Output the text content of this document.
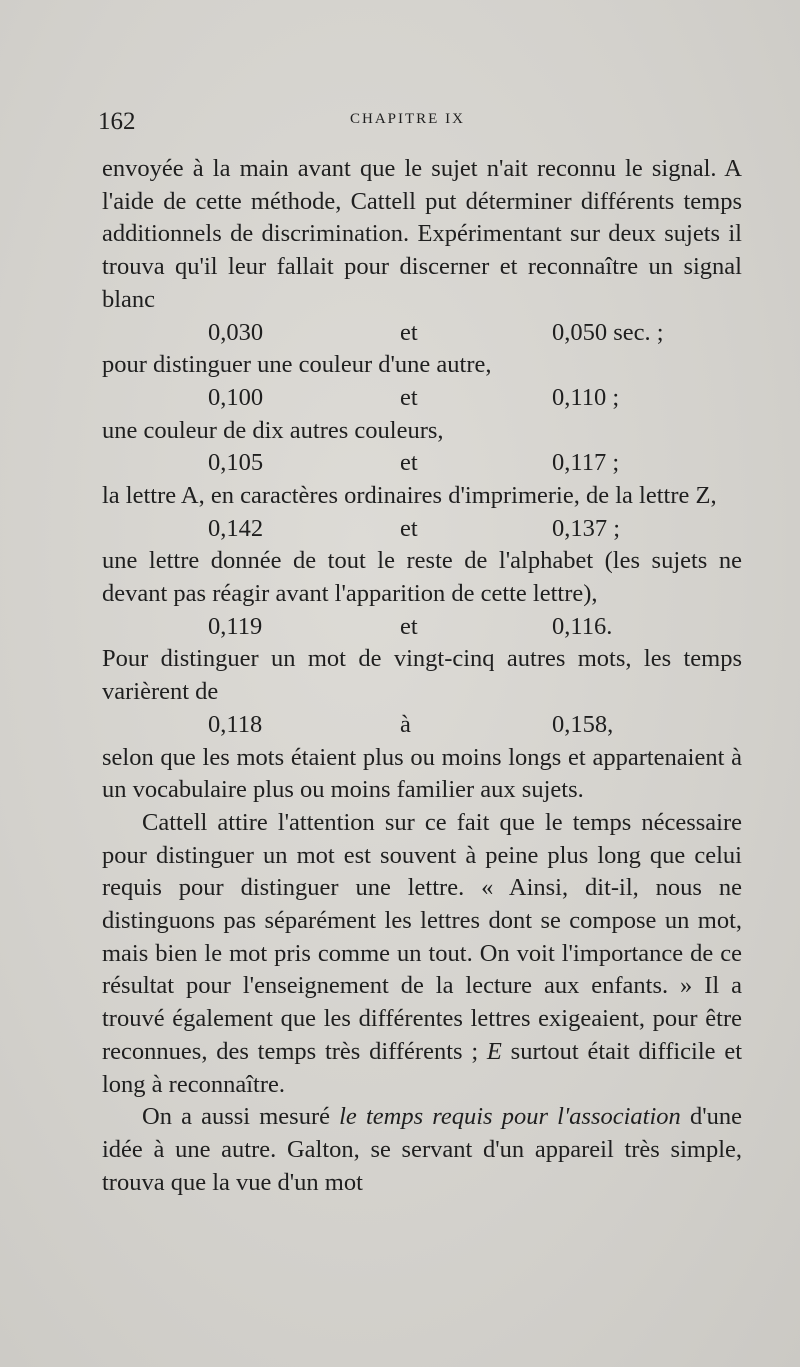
162	CHAPITRE IX

envoyée à la main avant que le sujet n'ait reconnu le signal. A l'aide de cette méthode, Cattell put déterminer différents temps additionnels de discrimination. Expérimentant sur deux sujets il trouva qu'il leur fallait pour discerner et reconnaître un signal blanc

0,030	et	0,050 sec. ;

pour distinguer une couleur d'une autre,

0,100	et	0,110 ;

une couleur de dix autres couleurs,

0,105	et	0,117 ;

la lettre A, en caractères ordinaires d'imprimerie, de la lettre Z,

0,142	et	0,137 ;

une lettre donnée de tout le reste de l'alphabet (les sujets ne devant pas réagir avant l'apparition de cette lettre),

0,119	et	0,116.

Pour distinguer un mot de vingt-cinq autres mots, les temps varièrent de

0,118	à	0,158,

selon que les mots étaient plus ou moins longs et appartenaient à un vocabulaire plus ou moins familier aux sujets.

Cattell attire l'attention sur ce fait que le temps nécessaire pour distinguer un mot est souvent à peine plus long que celui requis pour distinguer une lettre. « Ainsi, dit-il, nous ne distinguons pas séparément les lettres dont se compose un mot, mais bien le mot pris comme un tout. On voit l'importance de ce résultat pour l'enseignement de la lecture aux enfants. » Il a trouvé également que les différentes lettres exigeaient, pour être reconnues, des temps très différents ; E surtout était difficile et long à reconnaître.

On a aussi mesuré le temps requis pour l'association d'une idée à une autre. Galton, se servant d'un appareil très simple, trouva que la vue d'un mot
